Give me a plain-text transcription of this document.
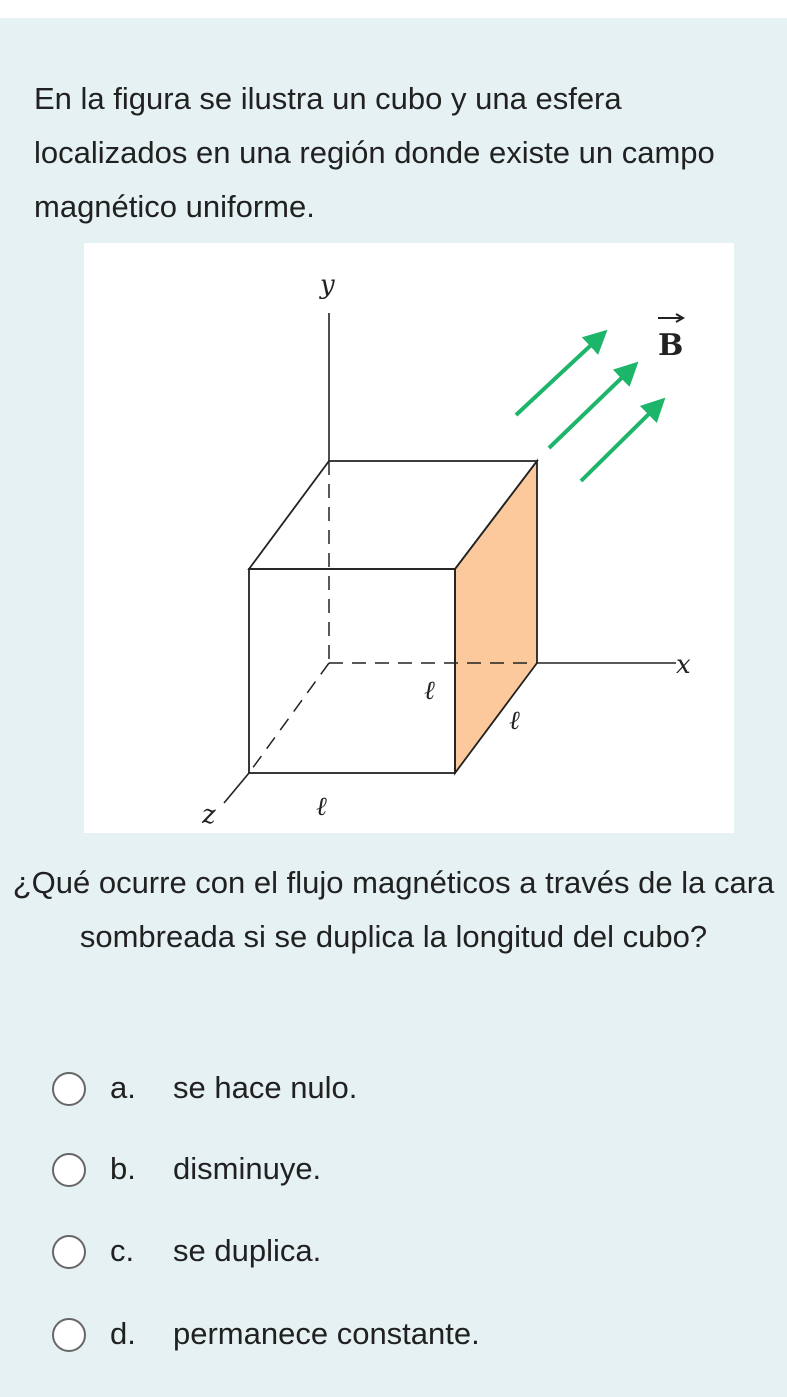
En la figura se ilustra un cubo y una esfera localizados en una región donde existe un campo magnético uniforme.

B
y
x
z
ℓ
ℓ
ℓ

¿Qué ocurre con el flujo magnéticos a través de la cara sombreada si se duplica la longitud del cubo?

a. se hace nulo.
b. disminuye.
c. se duplica.
d. permanece constante.
